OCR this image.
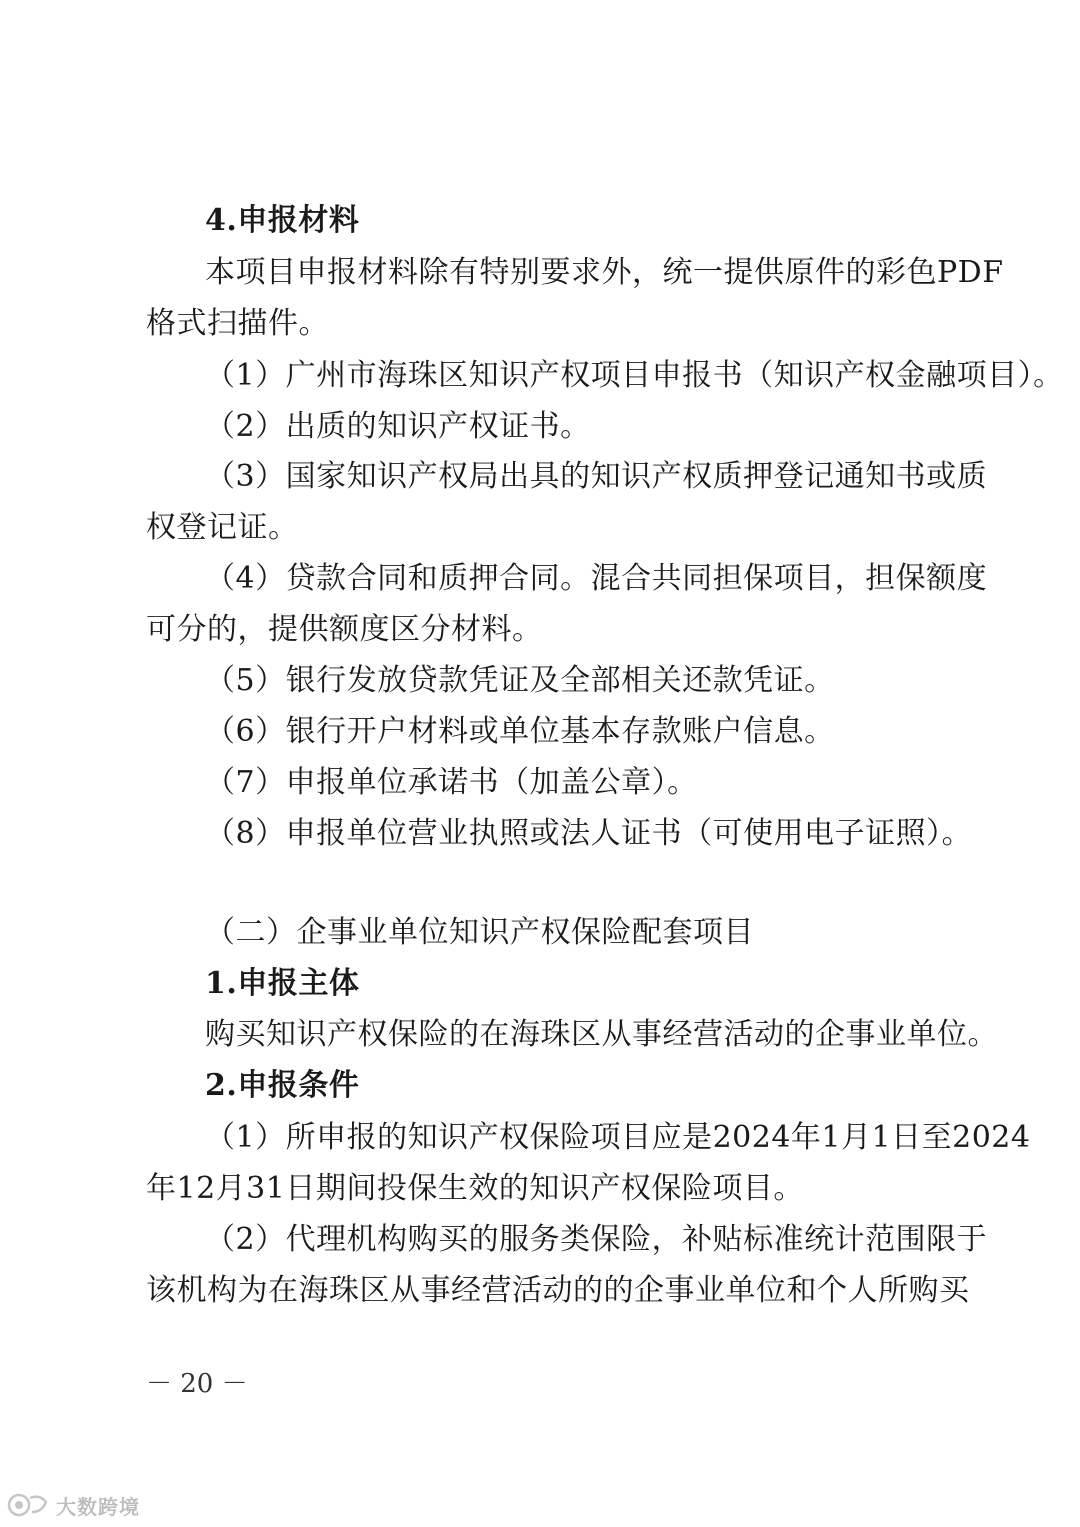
4.申报材料
本项目申报材料除有特别要求外，统一提供原件的彩色PDF
格式扫描件。
（1）广州市海珠区知识产权项目申报书（知识产权金融项目）。
（2）出质的知识产权证书。
（3）国家知识产权局出具的知识产权质押登记通知书或质
权登记证。
（4）贷款合同和质押合同。混合共同担保项目，担保额度
可分的，提供额度区分材料。
（5）银行发放贷款凭证及全部相关还款凭证。
（6）银行开户材料或单位基本存款账户信息。
（7）申报单位承诺书（加盖公章）。
（8）申报单位营业执照或法人证书（可使用电子证照）。
（二）企事业单位知识产权保险配套项目
1.申报主体
购买知识产权保险的在海珠区从事经营活动的企事业单位。
2.申报条件
（1）所申报的知识产权保险项目应是2024年1月1日至2024
年12月31日期间投保生效的知识产权保险项目。
（2）代理机构购买的服务类保险，补贴标准统计范围限于
该机构为在海珠区从事经营活动的的企事业单位和个人所购买
－ 20 －
大数跨境
